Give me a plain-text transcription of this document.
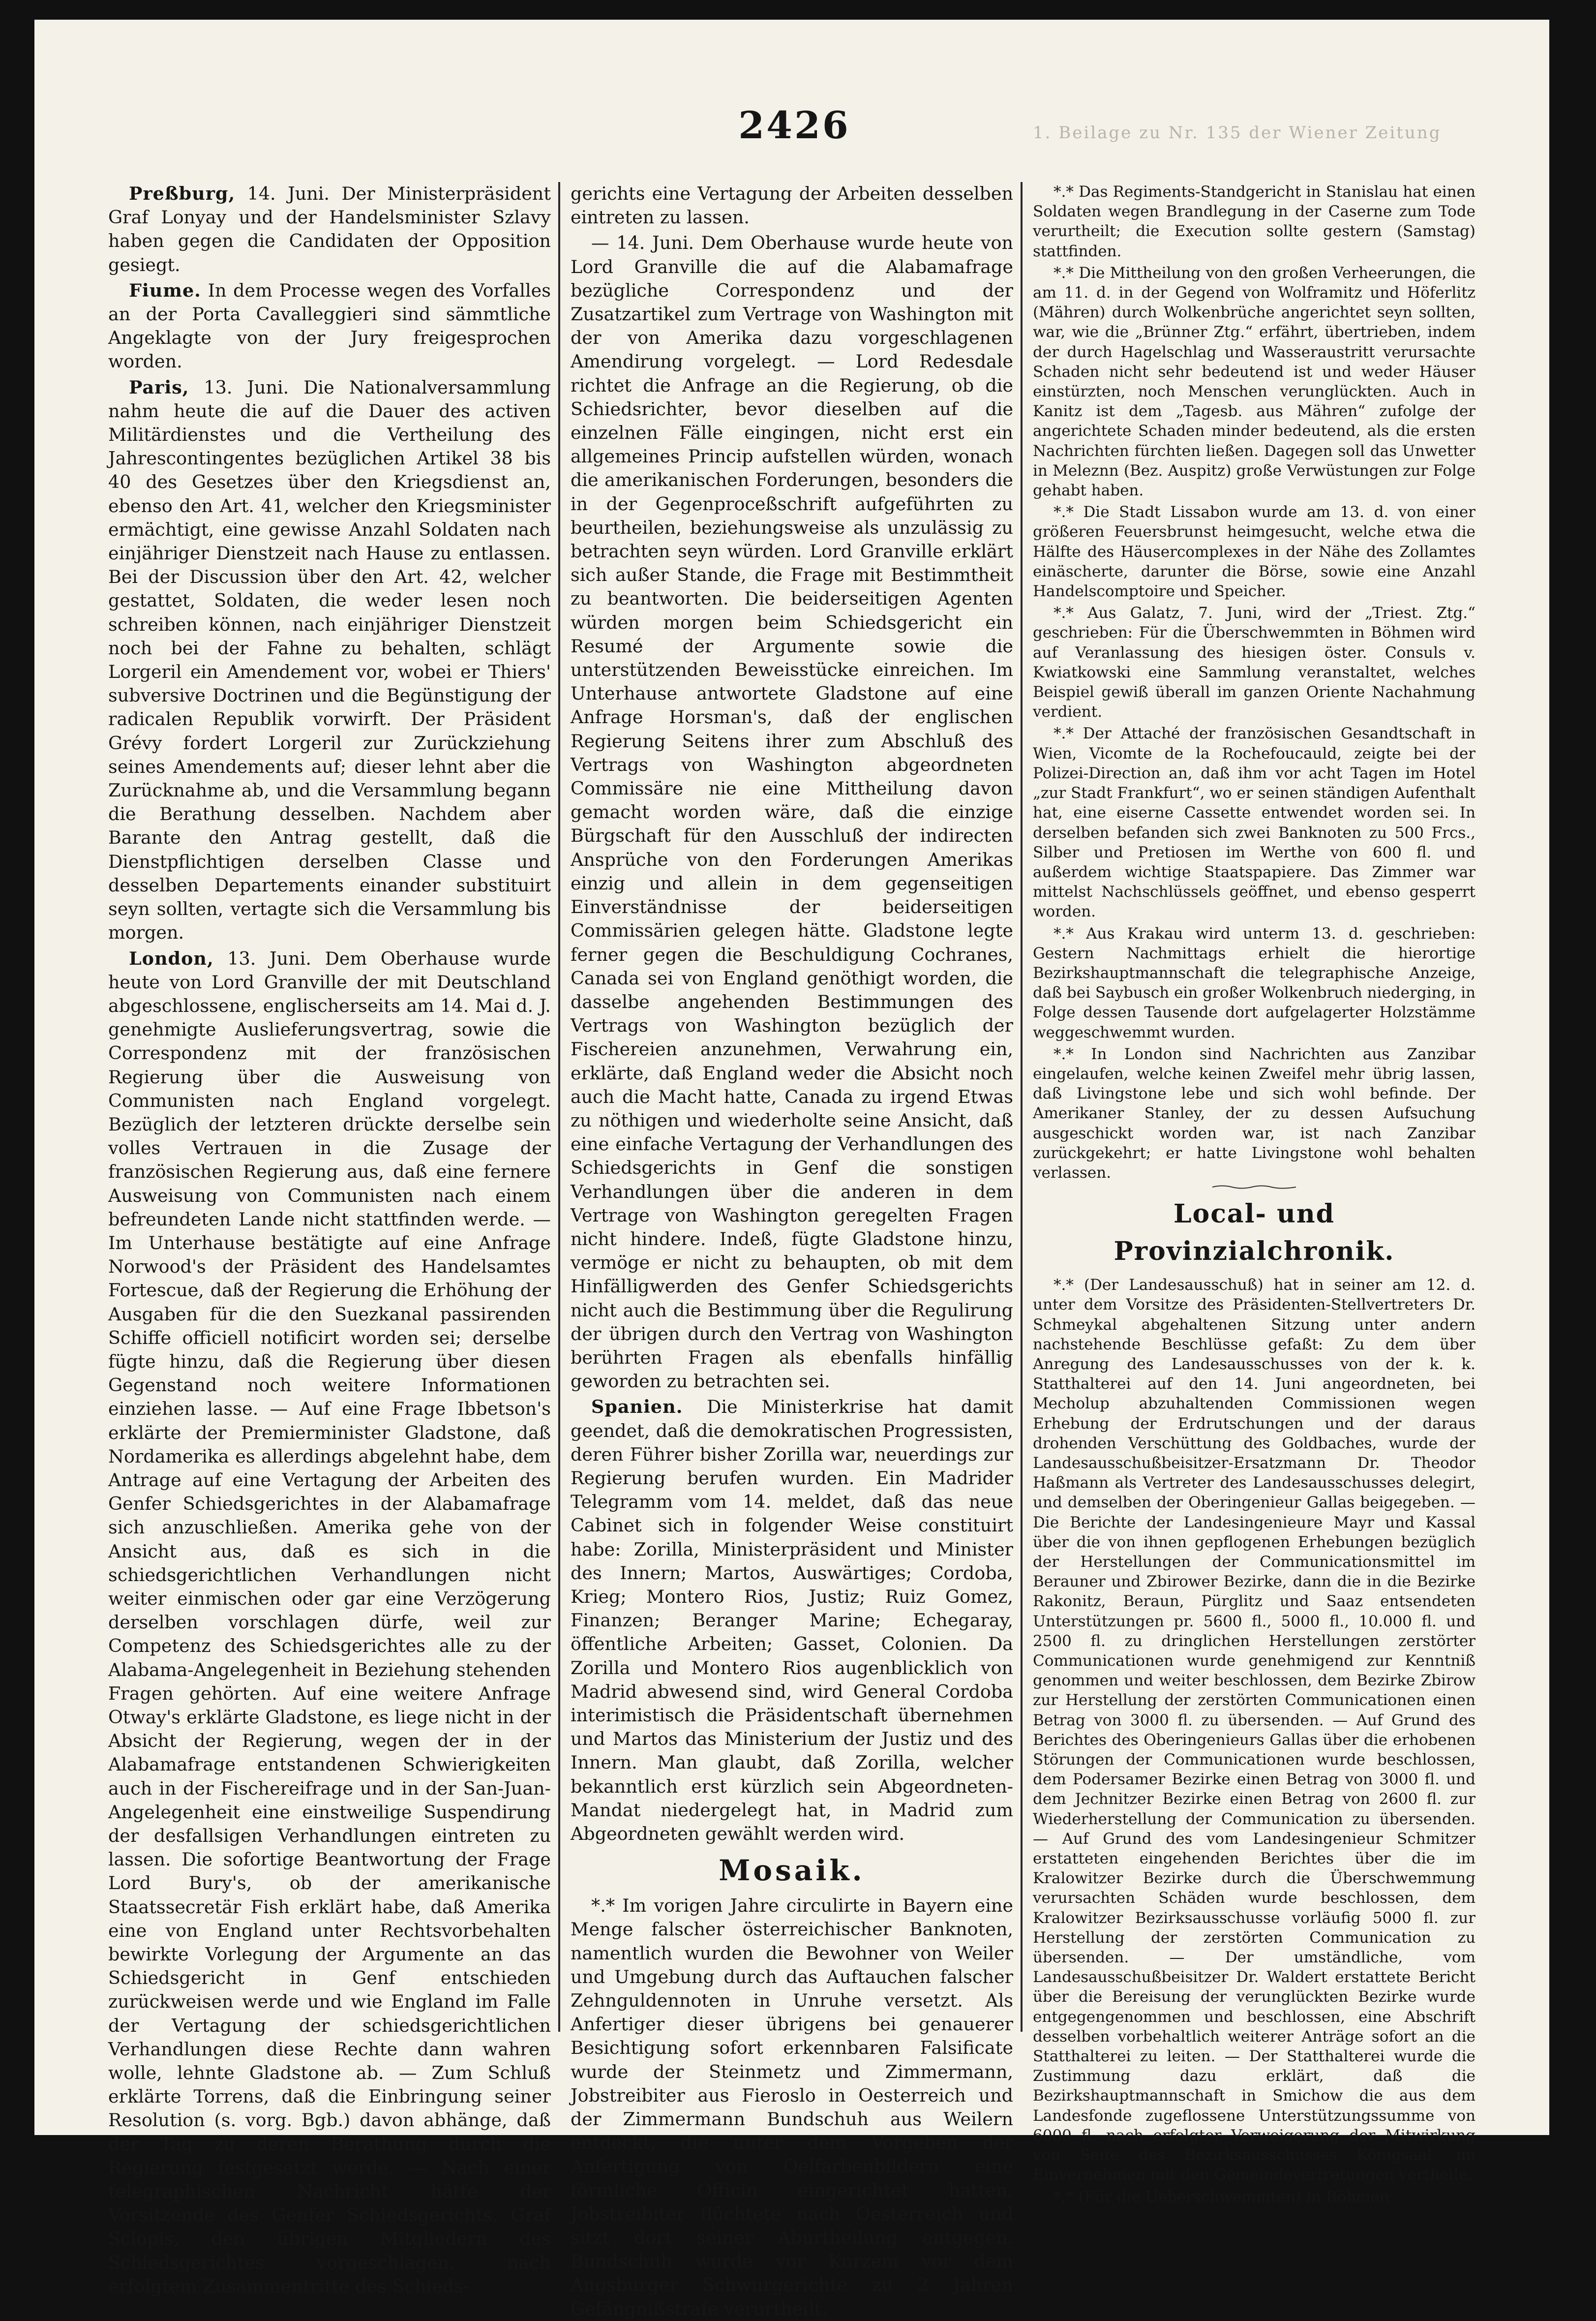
2426	1. Beilage zu Nr. 135 der Wiener Zeitung

Preßburg, 14. Juni. Der Ministerpräsident Graf Lonyay und der Handelsminister Szlavy haben gegen die Candidaten der Opposition gesiegt.

Fiume. In dem Processe wegen des Vorfalles an der Porta Cavalleggieri sind sämmtliche Angeklagte von der Jury freigesprochen worden.

Paris, 13. Juni. Die Nationalversammlung nahm heute die auf die Dauer des activen Militärdienstes und die Vertheilung des Jahrescontingentes bezüglichen Artikel 38 bis 40 des Gesetzes über den Kriegsdienst an, ebenso den Art. 41, welcher den Kriegsminister ermächtigt, eine gewisse Anzahl Soldaten nach einjähriger Dienstzeit nach Hause zu entlassen. Bei der Discussion über den Art. 42, welcher gestattet, Soldaten, die weder lesen noch schreiben können, nach einjähriger Dienstzeit noch bei der Fahne zu behalten, schlägt Lorgeril ein Amendement vor, wobei er Thiers' subversive Doctrinen und die Begünstigung der radicalen Republik vorwirft. Der Präsident Grévy fordert Lorgeril zur Zurückziehung seines Amendements auf; dieser lehnt aber die Zurücknahme ab, und die Versammlung begann die Berathung desselben. Nachdem aber Barante den Antrag gestellt, daß die Dienstpflichtigen derselben Classe und desselben Departements einander substituirt seyn sollten, vertagte sich die Versammlung bis morgen.

London, 13. Juni. Dem Oberhause wurde heute von Lord Granville der mit Deutschland abgeschlossene, englischerseits am 14. Mai d. J. genehmigte Auslieferungsvertrag, sowie die Correspondenz mit der französischen Regierung über die Ausweisung von Communisten nach England vorgelegt. Bezüglich der letzteren drückte derselbe sein volles Vertrauen in die Zusage der französischen Regierung aus, daß eine fernere Ausweisung von Communisten nach einem befreundeten Lande nicht stattfinden werde. — Im Unterhause bestätigte auf eine Anfrage Norwood's der Präsident des Handelsamtes Fortescue, daß der Regierung die Erhöhung der Ausgaben für die den Suezkanal passirenden Schiffe officiell notificirt worden sei; derselbe fügte hinzu, daß die Regierung über diesen Gegenstand noch weitere Informationen einziehen lasse. — Auf eine Frage Ibbetson's erklärte der Premierminister Gladstone, daß Nordamerika es allerdings abgelehnt habe, dem Antrage auf eine Vertagung der Arbeiten des Genfer Schiedsgerichtes in der Alabamafrage sich anzuschließen. Amerika gehe von der Ansicht aus, daß es sich in die schiedsgerichtlichen Verhandlungen nicht weiter einmischen oder gar eine Verzögerung derselben vorschlagen dürfe, weil zur Competenz des Schiedsgerichtes alle zu der Alabama-Angelegenheit in Beziehung stehenden Fragen gehörten. Auf eine weitere Anfrage Otway's erklärte Gladstone, es liege nicht in der Absicht der Regierung, wegen der in der Alabamafrage entstandenen Schwierigkeiten auch in der Fischereifrage und in der San-Juan-Angelegenheit eine einstweilige Suspendirung der desfallsigen Verhandlungen eintreten zu lassen. Die sofortige Beantwortung der Frage Lord Bury's, ob der amerikanische Staatssecretär Fish erklärt habe, daß Amerika eine von England unter Rechtsvorbehalten bewirkte Vorlegung der Argumente an das Schiedsgericht in Genf entschieden zurückweisen werde und wie England im Falle der Vertagung der schiedsgerichtlichen Verhandlungen diese Rechte dann wahren wolle, lehnte Gladstone ab. — Zum Schluß erklärte Torrens, daß die Einbringung seiner Resolution (s. vorg. Bgb.) davon abhänge, daß der Tag zu deren Berathung durch die Regierung festgesetzt werde. — Nach einer telegraphischen Nachricht hätte der Vorsitzende des Genfer Schiedsgerichts, Graf Sclopis, den übrigen Mitgliedern des Schiedsgerichtes vorgeschlagen, nach erfolgtem Zusammentritte des Schieds-

gerichts eine Vertagung der Arbeiten desselben eintreten zu lassen.

— 14. Juni. Dem Oberhause wurde heute von Lord Granville die auf die Alabamafrage bezügliche Correspondenz und der Zusatzartikel zum Vertrage von Washington mit der von Amerika dazu vorgeschlagenen Amendirung vorgelegt. — Lord Redesdale richtet die Anfrage an die Regierung, ob die Schiedsrichter, bevor dieselben auf die einzelnen Fälle eingingen, nicht erst ein allgemeines Princip aufstellen würden, wonach die amerikanischen Forderungen, besonders die in der Gegenproceßschrift aufgeführten zu beurtheilen, beziehungsweise als unzulässig zu betrachten seyn würden. Lord Granville erklärt sich außer Stande, die Frage mit Bestimmtheit zu beantworten. Die beiderseitigen Agenten würden morgen beim Schiedsgericht ein Resumé der Argumente sowie die unterstützenden Beweisstücke einreichen. Im Unterhause antwortete Gladstone auf eine Anfrage Horsman's, daß der englischen Regierung Seitens ihrer zum Abschluß des Vertrags von Washington abgeordneten Commissäre nie eine Mittheilung davon gemacht worden wäre, daß die einzige Bürgschaft für den Ausschluß der indirecten Ansprüche von den Forderungen Amerikas einzig und allein in dem gegenseitigen Einverständnisse der beiderseitigen Commissärien gelegen hätte. Gladstone legte ferner gegen die Beschuldigung Cochranes, Canada sei von England genöthigt worden, die dasselbe angehenden Bestimmungen des Vertrags von Washington bezüglich der Fischereien anzunehmen, Verwahrung ein, erklärte, daß England weder die Absicht noch auch die Macht hatte, Canada zu irgend Etwas zu nöthigen und wiederholte seine Ansicht, daß eine einfache Vertagung der Verhandlungen des Schiedsgerichts in Genf die sonstigen Verhandlungen über die anderen in dem Vertrage von Washington geregelten Fragen nicht hindere. Indeß, fügte Gladstone hinzu, vermöge er nicht zu behaupten, ob mit dem Hinfälligwerden des Genfer Schiedsgerichts nicht auch die Bestimmung über die Regulirung der übrigen durch den Vertrag von Washington berührten Fragen als ebenfalls hinfällig geworden zu betrachten sei.

Spanien. Die Ministerkrise hat damit geendet, daß die demokratischen Progressisten, deren Führer bisher Zorilla war, neuerdings zur Regierung berufen wurden. Ein Madrider Telegramm vom 14. meldet, daß das neue Cabinet sich in folgender Weise constituirt habe: Zorilla, Ministerpräsident und Minister des Innern; Martos, Auswärtiges; Cordoba, Krieg; Montero Rios, Justiz; Ruiz Gomez, Finanzen; Beranger Marine; Echegaray, öffentliche Arbeiten; Gasset, Colonien. Da Zorilla und Montero Rios augenblicklich von Madrid abwesend sind, wird General Cordoba interimistisch die Präsidentschaft übernehmen und Martos das Ministerium der Justiz und des Innern. Man glaubt, daß Zorilla, welcher bekanntlich erst kürzlich sein Abgeordneten-Mandat niedergelegt hat, in Madrid zum Abgeordneten gewählt werden wird.

Mosaik.

*.* Im vorigen Jahre circulirte in Bayern eine Menge falscher österreichischer Banknoten, namentlich wurden die Bewohner von Weiler und Umgebung durch das Auftauchen falscher Zehnguldennoten in Unruhe versetzt. Als Anfertiger dieser übrigens bei genauerer Besichtigung sofort erkennbaren Falsificate wurde der Steinmetz und Zimmermann, Jobstreibiter aus Fieroslo in Oesterreich und der Zimmermann Bundschuh aus Weilern entdeckt, die unter dem Vorgeben der Anfertigung von Oelfarbenbildern eine förmliche Officin eingerichtet hatten. Jobstreibiter flüchtete nach Oesterreich und sitzt dort seiner Aburtheilung entgegen. Bundschuh wurde vor Kurzem vor dem Augsburger Schwurgerichte zu 2 Jahren Gefängnißstrafe verurtheilt.

*.* Das Regiments-Standgericht in Stanislau hat einen Soldaten wegen Brandlegung in der Caserne zum Tode verurtheilt; die Execution sollte gestern (Samstag) stattfinden.

*.* Die Mittheilung von den großen Verheerungen, die am 11. d. in der Gegend von Wolframitz und Höferlitz (Mähren) durch Wolkenbrüche angerichtet seyn sollten, war, wie die „Brünner Ztg.“ erfährt, übertrieben, indem der durch Hagelschlag und Wasseraustritt verursachte Schaden nicht sehr bedeutend ist und weder Häuser einstürzten, noch Menschen verunglückten. Auch in Kanitz ist dem „Tagesb. aus Mähren“ zufolge der angerichtete Schaden minder bedeutend, als die ersten Nachrichten fürchten ließen. Dagegen soll das Unwetter in Meleznn (Bez. Auspitz) große Verwüstungen zur Folge gehabt haben.

*.* Die Stadt Lissabon wurde am 13. d. von einer größeren Feuersbrunst heimgesucht, welche etwa die Hälfte des Häusercomplexes in der Nähe des Zollamtes einäscherte, darunter die Börse, sowie eine Anzahl Handelscomptoire und Speicher.

*.* Aus Galatz, 7. Juni, wird der „Triest. Ztg.“ geschrieben: Für die Überschwemmten in Böhmen wird auf Veranlassung des hiesigen öster. Consuls v. Kwiatkowski eine Sammlung veranstaltet, welches Beispiel gewiß überall im ganzen Oriente Nachahmung verdient.

*.* Der Attaché der französischen Gesandtschaft in Wien, Vicomte de la Rochefoucauld, zeigte bei der Polizei-Direction an, daß ihm vor acht Tagen im Hotel „zur Stadt Frankfurt“, wo er seinen ständigen Aufenthalt hat, eine eiserne Cassette entwendet worden sei. In derselben befanden sich zwei Banknoten zu 500 Frcs., Silber und Pretiosen im Werthe von 600 fl. und außerdem wichtige Staatspapiere. Das Zimmer war mittelst Nachschlüssels geöffnet, und ebenso gesperrt worden.

*.* Aus Krakau wird unterm 13. d. geschrieben: Gestern Nachmittags erhielt die hierortige Bezirkshauptmannschaft die telegraphische Anzeige, daß bei Saybusch ein großer Wolkenbruch niederging, in Folge dessen Tausende dort aufgelagerter Holzstämme weggeschwemmt wurden.

*.* In London sind Nachrichten aus Zanzibar eingelaufen, welche keinen Zweifel mehr übrig lassen, daß Livingstone lebe und sich wohl befinde. Der Amerikaner Stanley, der zu dessen Aufsuchung ausgeschickt worden war, ist nach Zanzibar zurückgekehrt; er hatte Livingstone wohl behalten verlassen.

Local- und Provinzialchronik.

*.* (Der Landesausschuß) hat in seiner am 12. d. unter dem Vorsitze des Präsidenten-Stellvertreters Dr. Schmeykal abgehaltenen Sitzung unter andern nachstehende Beschlüsse gefaßt: Zu dem über Anregung des Landesausschusses von der k. k. Statthalterei auf den 14. Juni angeordneten, bei Mecholup abzuhaltenden Commissionen wegen Erhebung der Erdrutschungen und der daraus drohenden Verschüttung des Goldbaches, wurde der Landesausschußbeisitzer-Ersatzmann Dr. Theodor Haßmann als Vertreter des Landesausschusses delegirt, und demselben der Oberingenieur Gallas beigegeben. — Die Berichte der Landesingenieure Mayr und Kassal über die von ihnen gepflogenen Erhebungen bezüglich der Herstellungen der Communicationsmittel im Berauner und Zbirower Bezirke, dann die in die Bezirke Rakonitz, Beraun, Pürglitz und Saaz entsendeten Unterstützungen pr. 5600 fl., 5000 fl., 10.000 fl. und 2500 fl. zu dringlichen Herstellungen zerstörter Communicationen wurde genehmigend zur Kenntniß genommen und weiter beschlossen, dem Bezirke Zbirow zur Herstellung der zerstörten Communicationen einen Betrag von 3000 fl. zu übersenden. — Auf Grund des Berichtes des Oberingenieurs Gallas über die erhobenen Störungen der Communicationen wurde beschlossen, dem Podersamer Bezirke einen Betrag von 3000 fl. und dem Jechnitzer Bezirke einen Betrag von 2600 fl. zur Wiederherstellung der Communication zu übersenden. — Auf Grund des vom Landesingenieur Schmitzer erstatteten eingehenden Berichtes über die im Kralowitzer Bezirke durch die Überschwemmung verursachten Schäden wurde beschlossen, dem Kralowitzer Bezirksausschusse vorläufig 5000 fl. zur Herstellung der zerstörten Communication zu übersenden. — Der umständliche, vom Landesausschußbeisitzer Dr. Waldert erstattete Bericht über die Bereisung der verunglückten Bezirke wurde entgegengenommen und beschlossen, eine Abschrift desselben vorbehaltlich weiterer Anträge sofort an die Statthalterei zu leiten. — Der Statthalterei wurde die Zustimmung dazu erklärt, daß die Bezirkshauptmannschaft in Smichow die aus dem Landesfonde zugeflossene Unterstützungssumme von 6000 fl. nach erfolgter Verweigerung der Mitwirkung von Seite des Bezirksausschusses Königsaal, im Einvernehmen mit den Gemeindevertretungen vertheile.

*.* (Für die Ueberschwemmten) in Böhmen
